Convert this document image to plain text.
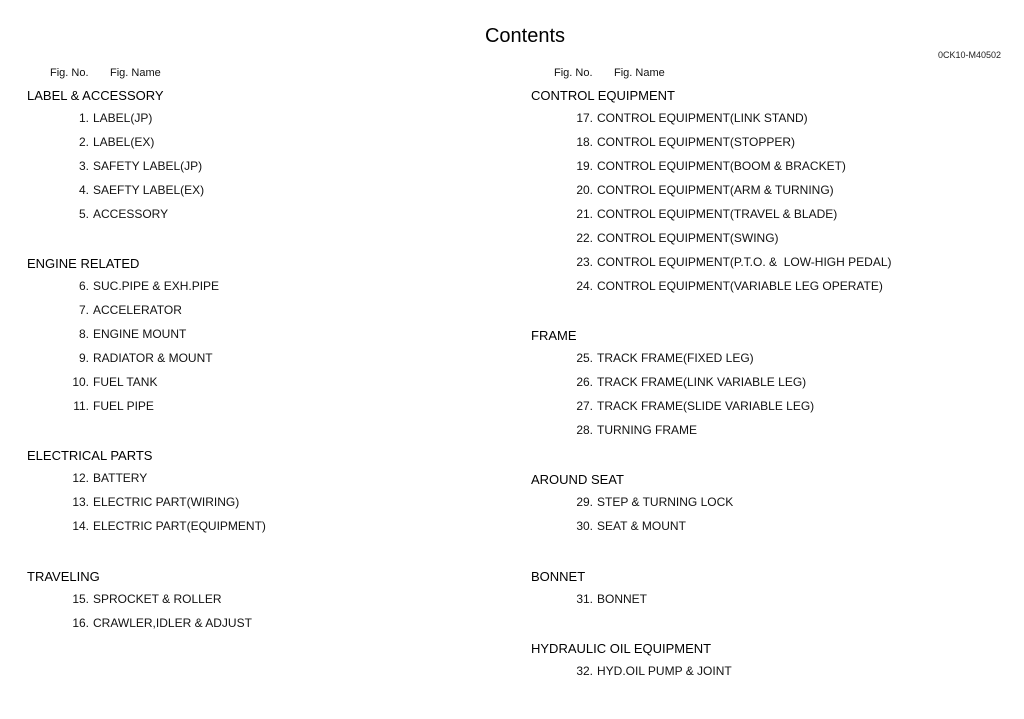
Contents
0CK10-M40502
Fig. No. Fig. Name
LABEL & ACCESSORY
1. LABEL(JP)
2. LABEL(EX)
3. SAFETY LABEL(JP)
4. SAEFTY LABEL(EX)
5. ACCESSORY
ENGINE RELATED
6. SUC.PIPE & EXH.PIPE
7. ACCELERATOR
8. ENGINE MOUNT
9. RADIATOR & MOUNT
10. FUEL TANK
11. FUEL PIPE
ELECTRICAL PARTS
12. BATTERY
13. ELECTRIC PART(WIRING)
14. ELECTRIC PART(EQUIPMENT)
TRAVELING
15. SPROCKET & ROLLER
16. CRAWLER,IDLER & ADJUST
Fig. No. Fig. Name
CONTROL EQUIPMENT
17. CONTROL EQUIPMENT(LINK STAND)
18. CONTROL EQUIPMENT(STOPPER)
19. CONTROL EQUIPMENT(BOOM & BRACKET)
20. CONTROL EQUIPMENT(ARM & TURNING)
21. CONTROL EQUIPMENT(TRAVEL & BLADE)
22. CONTROL EQUIPMENT(SWING)
23. CONTROL EQUIPMENT(P.T.O. &  LOW-HIGH PEDAL)
24. CONTROL EQUIPMENT(VARIABLE LEG OPERATE)
FRAME
25. TRACK FRAME(FIXED LEG)
26. TRACK FRAME(LINK VARIABLE LEG)
27. TRACK FRAME(SLIDE VARIABLE LEG)
28. TURNING FRAME
AROUND SEAT
29. STEP & TURNING LOCK
30. SEAT & MOUNT
BONNET
31. BONNET
HYDRAULIC OIL EQUIPMENT
32. HYD.OIL PUMP & JOINT
